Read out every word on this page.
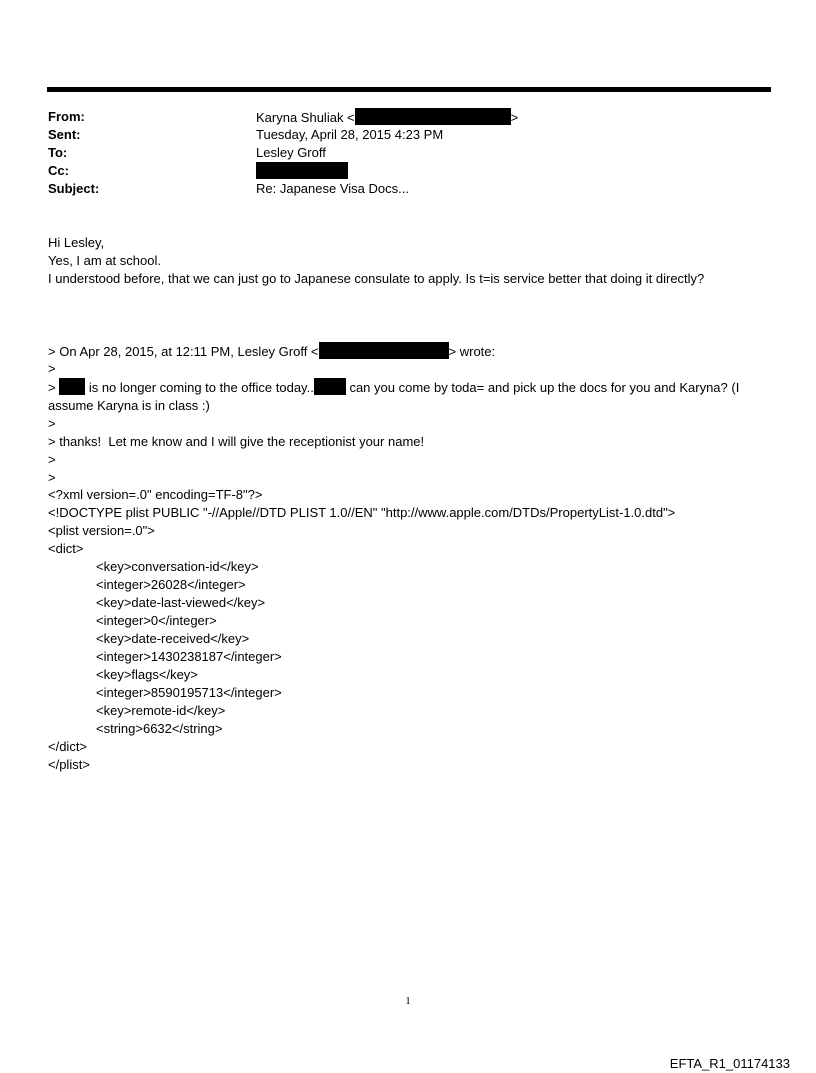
From:	Karyna Shuliak <	>
Sent:	Tuesday, April 28, 2015 4:23 PM
To:	Lesley Groff
Cc:
Subject:	Re: Japanese Visa Docs...
Hi Lesley,
Yes, I am at school.
I understood before, that we can just go to Japanese consulate to apply. Is t=is service better that doing it directly?
> On Apr 28, 2015, at 12:11 PM, Lesley Groff <	> wrote:
>
>  is no longer coming to the office today.. can you come by toda= and pick up the docs for you and Karyna? (I assume Karyna is in class :)
>
> thanks!  Let me know and I will give the receptionist your name!
>
>
<?xml version=.0" encoding=TF-8"?>
<!DOCTYPE plist PUBLIC "-//Apple//DTD PLIST 1.0//EN" "http://www.apple.com/DTDs/PropertyList-1.0.dtd">
<plist version=.0">
<dict>
<key>conversation-id</key>
<integer>26028</integer>
<key>date-last-viewed</key>
<integer>0</integer>
<key>date-received</key>
<integer>1430238187</integer>
<key>flags</key>
<integer>8590195713</integer>
<key>remote-id</key>
<string>6632</string>
</dict>
</plist>
1
EFTA_R1_01174133
